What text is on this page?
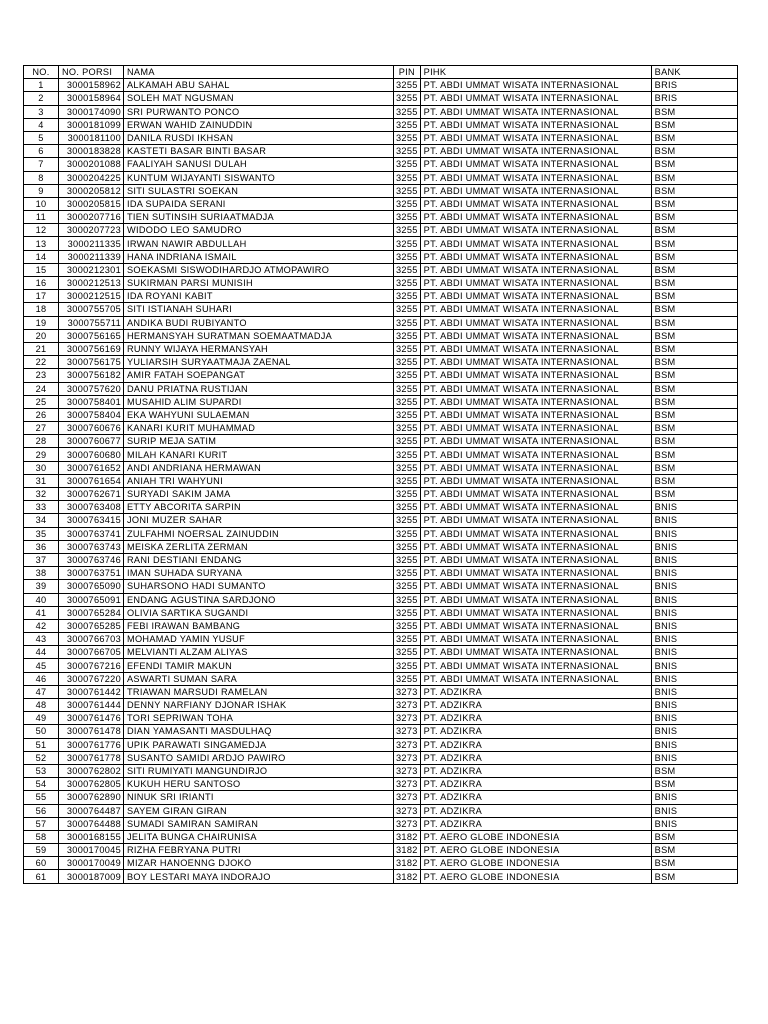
NO.	NO. PORSI	NAMA	PIN	PIHK	BANK
1	3000158962	ALKAMAH ABU SAHAL	3255	PT. ABDI UMMAT WISATA INTERNASIONAL	BRIS
2	3000158964	SOLEH MAT NGUSMAN	3255	PT. ABDI UMMAT WISATA INTERNASIONAL	BRIS
3	3000174090	SRI PURWANTO PONCO	3255	PT. ABDI UMMAT WISATA INTERNASIONAL	BSM
4	3000181099	ERWAN WAHID ZAINUDDIN	3255	PT. ABDI UMMAT WISATA INTERNASIONAL	BSM
5	3000181100	DANILA RUSDI IKHSAN	3255	PT. ABDI UMMAT WISATA INTERNASIONAL	BSM
6	3000183828	KASTETI BASAR BINTI BASAR	3255	PT. ABDI UMMAT WISATA INTERNASIONAL	BSM
7	3000201088	FAALIYAH SANUSI DULAH	3255	PT. ABDI UMMAT WISATA INTERNASIONAL	BSM
8	3000204225	KUNTUM WIJAYANTI SISWANTO	3255	PT. ABDI UMMAT WISATA INTERNASIONAL	BSM
9	3000205812	SITI SULASTRI SOEKAN	3255	PT. ABDI UMMAT WISATA INTERNASIONAL	BSM
10	3000205815	IDA SUPAIDA SERANI	3255	PT. ABDI UMMAT WISATA INTERNASIONAL	BSM
11	3000207716	TIEN SUTINSIH SURIAATMADJA	3255	PT. ABDI UMMAT WISATA INTERNASIONAL	BSM
12	3000207723	WIDODO LEO SAMUDRO	3255	PT. ABDI UMMAT WISATA INTERNASIONAL	BSM
13	3000211335	IRWAN NAWIR ABDULLAH	3255	PT. ABDI UMMAT WISATA INTERNASIONAL	BSM
14	3000211339	HANA INDRIANA ISMAIL	3255	PT. ABDI UMMAT WISATA INTERNASIONAL	BSM
15	3000212301	SOEKASMI SISWODIHARDJO ATMOPAWIRO	3255	PT. ABDI UMMAT WISATA INTERNASIONAL	BSM
16	3000212513	SUKIRMAN PARSI MUNISIH	3255	PT. ABDI UMMAT WISATA INTERNASIONAL	BSM
17	3000212515	IDA ROYANI KABIT	3255	PT. ABDI UMMAT WISATA INTERNASIONAL	BSM
18	3000755705	SITI ISTIANAH SUHARI	3255	PT. ABDI UMMAT WISATA INTERNASIONAL	BSM
19	3000755711	ANDIKA BUDI RUBIYANTO	3255	PT. ABDI UMMAT WISATA INTERNASIONAL	BSM
20	3000756165	HERMANSYAH SURATMAN SOEMAATMADJA	3255	PT. ABDI UMMAT WISATA INTERNASIONAL	BSM
21	3000756169	RUNNY WIJAYA HERMANSYAH	3255	PT. ABDI UMMAT WISATA INTERNASIONAL	BSM
22	3000756175	YULIARSIH SURYAATMAJA ZAENAL	3255	PT. ABDI UMMAT WISATA INTERNASIONAL	BSM
23	3000756182	AMIR FATAH SOEPANGAT	3255	PT. ABDI UMMAT WISATA INTERNASIONAL	BSM
24	3000757620	DANU PRIATNA RUSTIJAN	3255	PT. ABDI UMMAT WISATA INTERNASIONAL	BSM
25	3000758401	MUSAHID ALIM SUPARDI	3255	PT. ABDI UMMAT WISATA INTERNASIONAL	BSM
26	3000758404	EKA WAHYUNI SULAEMAN	3255	PT. ABDI UMMAT WISATA INTERNASIONAL	BSM
27	3000760676	KANARI KURIT MUHAMMAD	3255	PT. ABDI UMMAT WISATA INTERNASIONAL	BSM
28	3000760677	SURIP MEJA SATIM	3255	PT. ABDI UMMAT WISATA INTERNASIONAL	BSM
29	3000760680	MILAH KANARI KURIT	3255	PT. ABDI UMMAT WISATA INTERNASIONAL	BSM
30	3000761652	ANDI ANDRIANA HERMAWAN	3255	PT. ABDI UMMAT WISATA INTERNASIONAL	BSM
31	3000761654	ANIAH TRI WAHYUNI	3255	PT. ABDI UMMAT WISATA INTERNASIONAL	BSM
32	3000762671	SURYADI SAKIM JAMA	3255	PT. ABDI UMMAT WISATA INTERNASIONAL	BSM
33	3000763408	ETTY ABCORITA SARPIN	3255	PT. ABDI UMMAT WISATA INTERNASIONAL	BNIS
34	3000763415	JONI MUZER SAHAR	3255	PT. ABDI UMMAT WISATA INTERNASIONAL	BNIS
35	3000763741	ZULFAHMI NOERSAL ZAINUDDIN	3255	PT. ABDI UMMAT WISATA INTERNASIONAL	BNIS
36	3000763743	MEISKA ZERLITA ZERMAN	3255	PT. ABDI UMMAT WISATA INTERNASIONAL	BNIS
37	3000763746	RANI DESTIANI ENDANG	3255	PT. ABDI UMMAT WISATA INTERNASIONAL	BNIS
38	3000763751	IMAN SUHADA SURYANA	3255	PT. ABDI UMMAT WISATA INTERNASIONAL	BNIS
39	3000765090	SUHARSONO HADI SUMANTO	3255	PT. ABDI UMMAT WISATA INTERNASIONAL	BNIS
40	3000765091	ENDANG AGUSTINA SARDJONO	3255	PT. ABDI UMMAT WISATA INTERNASIONAL	BNIS
41	3000765284	OLIVIA SARTIKA SUGANDI	3255	PT. ABDI UMMAT WISATA INTERNASIONAL	BNIS
42	3000765285	FEBI IRAWAN BAMBANG	3255	PT. ABDI UMMAT WISATA INTERNASIONAL	BNIS
43	3000766703	MOHAMAD YAMIN YUSUF	3255	PT. ABDI UMMAT WISATA INTERNASIONAL	BNIS
44	3000766705	MELVIANTI ALZAM ALIYAS	3255	PT. ABDI UMMAT WISATA INTERNASIONAL	BNIS
45	3000767216	EFENDI TAMIR MAKUN	3255	PT. ABDI UMMAT WISATA INTERNASIONAL	BNIS
46	3000767220	ASWARTI SUMAN SARA	3255	PT. ABDI UMMAT WISATA INTERNASIONAL	BNIS
47	3000761442	TRIAWAN MARSUDI RAMELAN	3273	PT. ADZIKRA	BNIS
48	3000761444	DENNY NARFIANY DJONAR ISHAK	3273	PT. ADZIKRA	BNIS
49	3000761476	TORI SEPRIWAN TOHA	3273	PT. ADZIKRA	BNIS
50	3000761478	DIAN YAMASANTI MASDULHAQ	3273	PT. ADZIKRA	BNIS
51	3000761776	UPIK PARAWATI SINGAMEDJA	3273	PT. ADZIKRA	BNIS
52	3000761778	SUSANTO SAMIDI ARDJO PAWIRO	3273	PT. ADZIKRA	BNIS
53	3000762802	SITI RUMIYATI MANGUNDIRJO	3273	PT. ADZIKRA	BSM
54	3000762805	KUKUH HERU SANTOSO	3273	PT. ADZIKRA	BSM
55	3000762890	NINUK SRI IRIANTI	3273	PT. ADZIKRA	BNIS
56	3000764487	SAYEM GIRAN GIRAN	3273	PT. ADZIKRA	BNIS
57	3000764488	SUMADI SAMIRAN SAMIRAN	3273	PT. ADZIKRA	BNIS
58	3000168155	JELITA BUNGA CHAIRUNISA	3182	PT. AERO GLOBE INDONESIA	BSM
59	3000170045	RIZHA FEBRYANA PUTRI	3182	PT. AERO GLOBE INDONESIA	BSM
60	3000170049	MIZAR HANOENNG DJOKO	3182	PT. AERO GLOBE INDONESIA	BSM
61	3000187009	BOY LESTARI MAYA INDORAJO	3182	PT. AERO GLOBE INDONESIA	BSM
